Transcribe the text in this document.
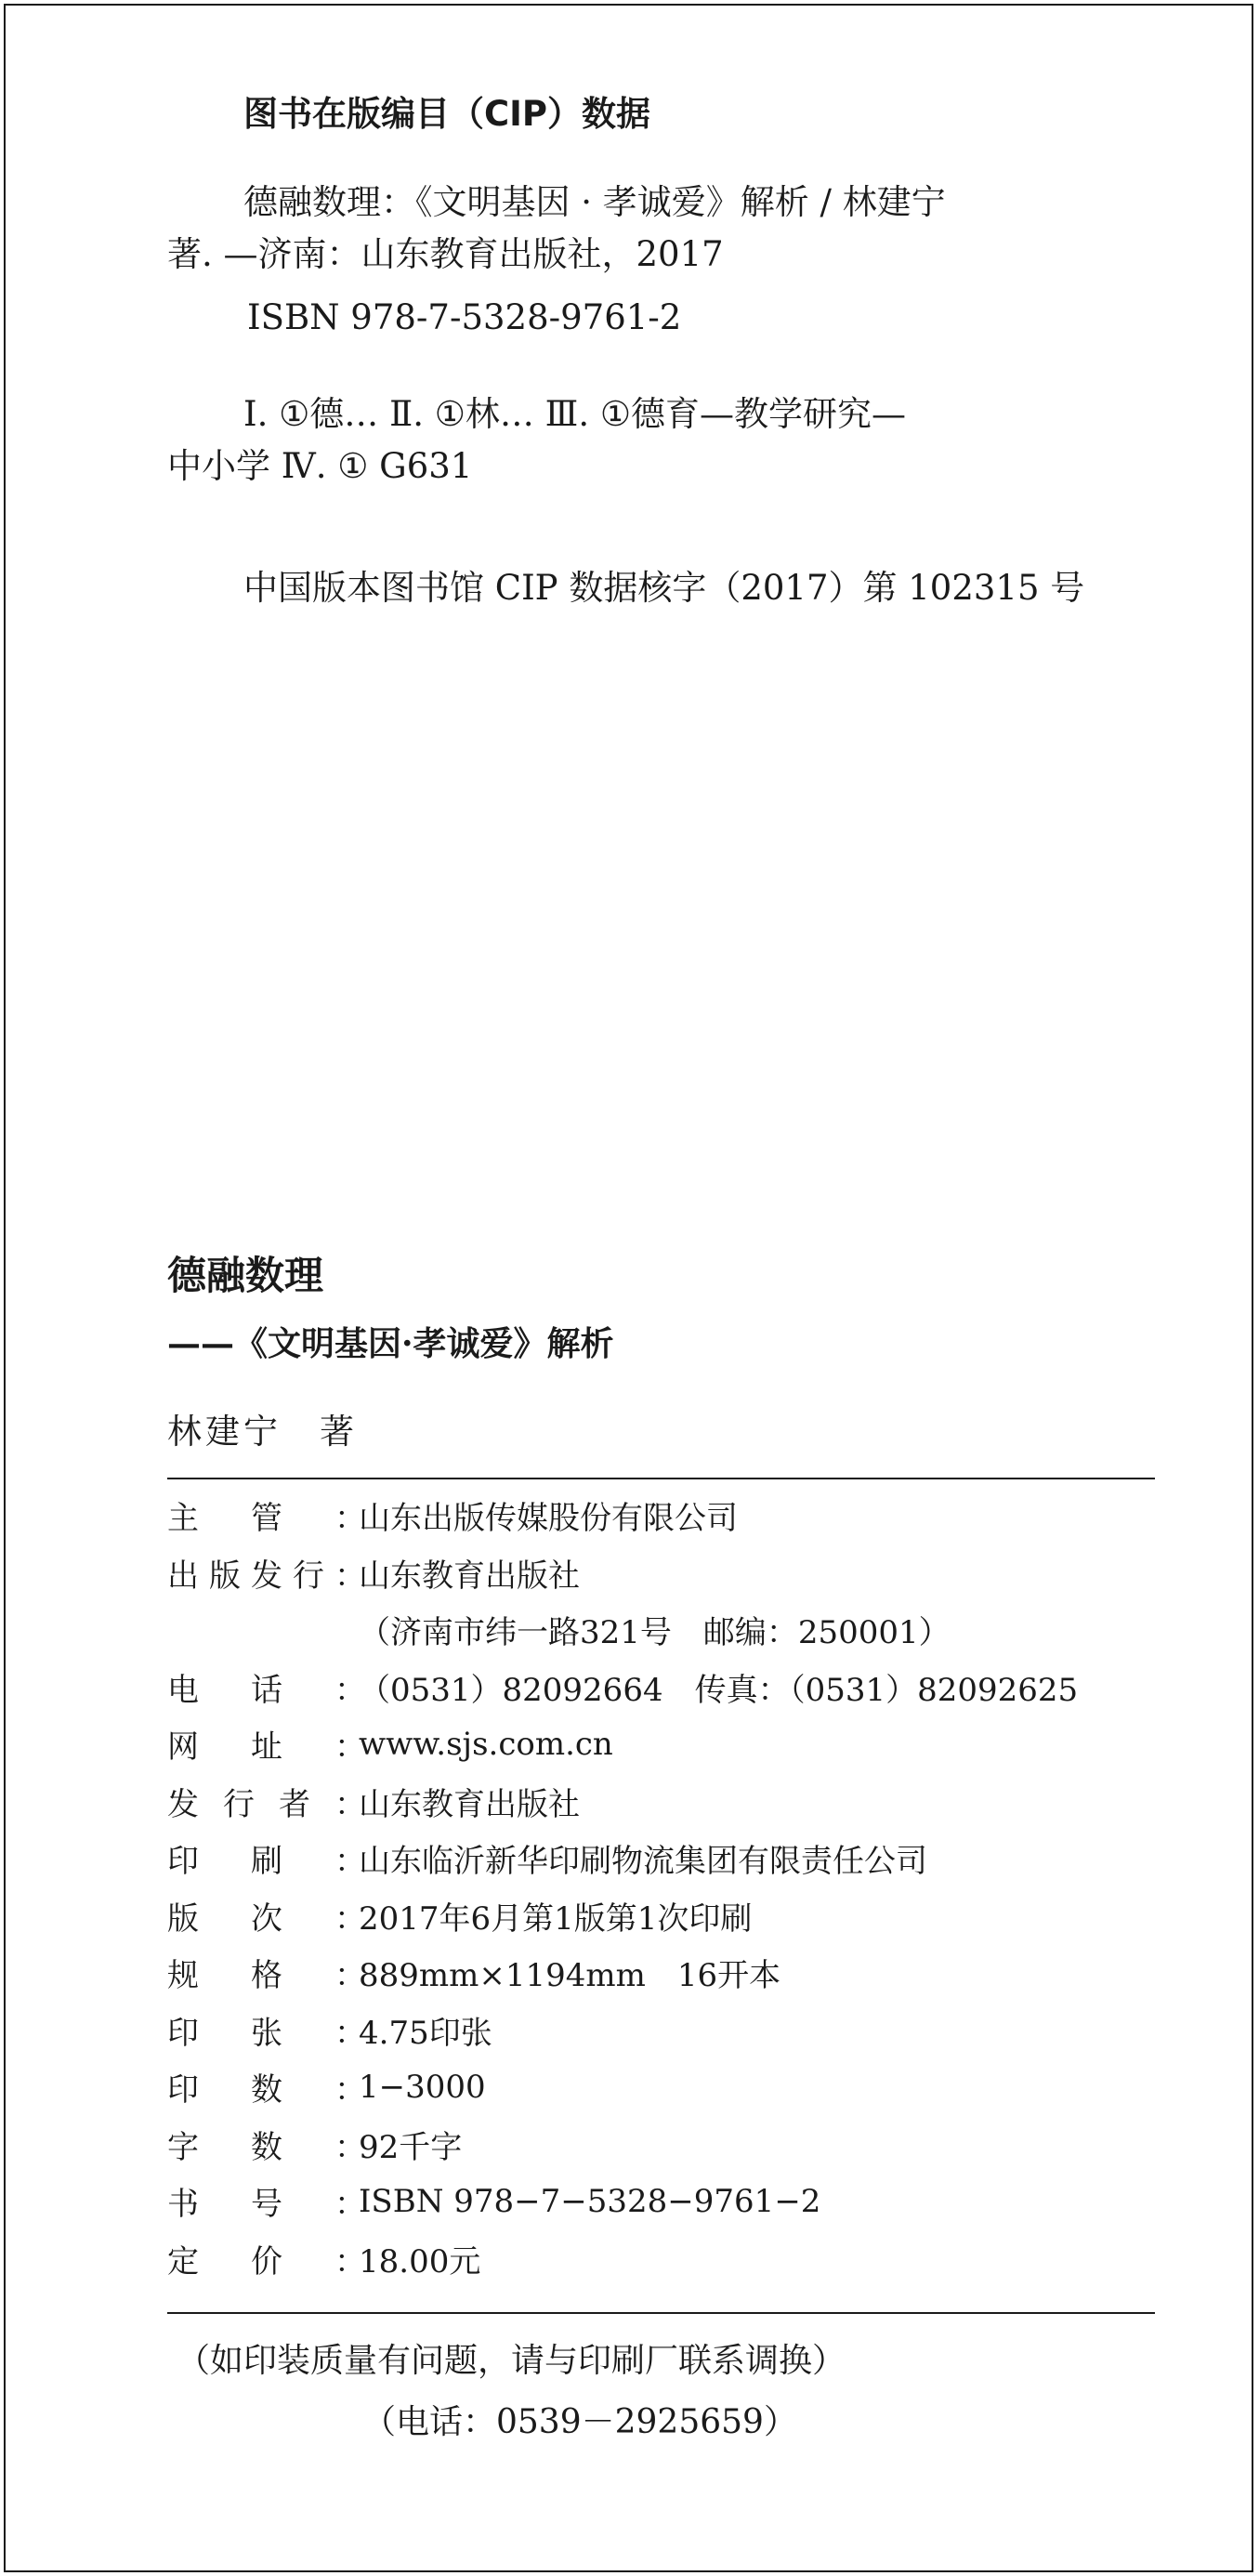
图书在版编目（CIP）数据

德融数理：《文明基因 · 孝诚爱》解析 / 林建宁
著. —济南：山东教育出版社，2017

ISBN 978-7-5328-9761-2

Ⅰ. ①德… Ⅱ. ①林… Ⅲ. ①德育—教学研究—
中小学 Ⅳ. ① G631

中国版本图书馆 CIP 数据核字（2017）第 102315 号
德融数理
——《文明基因·孝诚爱》解析
林建宁　著
主 管 ：
山东出版传媒股份有限公司
出 版 发 行 ：
山东教育出版社
（济南市纬一路321号　邮编：250001）
电 话 ：
（0531）82092664　传真：（0531）82092625
网 址 ：
www.sjs.com.cn
发 行 者 ：
山东教育出版社
印 刷 ：
山东临沂新华印刷物流集团有限责任公司
版 次 ：
2017年6月第1版第1次印刷
规 格 ：
889mm×1194mm　16开本
印 张 ：
4.75印张
印 数 ：
1−3000
字 数 ：
92千字
书 号 ：
ISBN 978−7−5328−9761−2
定 价 ：
18.00元
（如印装质量有问题，请与印刷厂联系调换）
（电话：0539－2925659）
